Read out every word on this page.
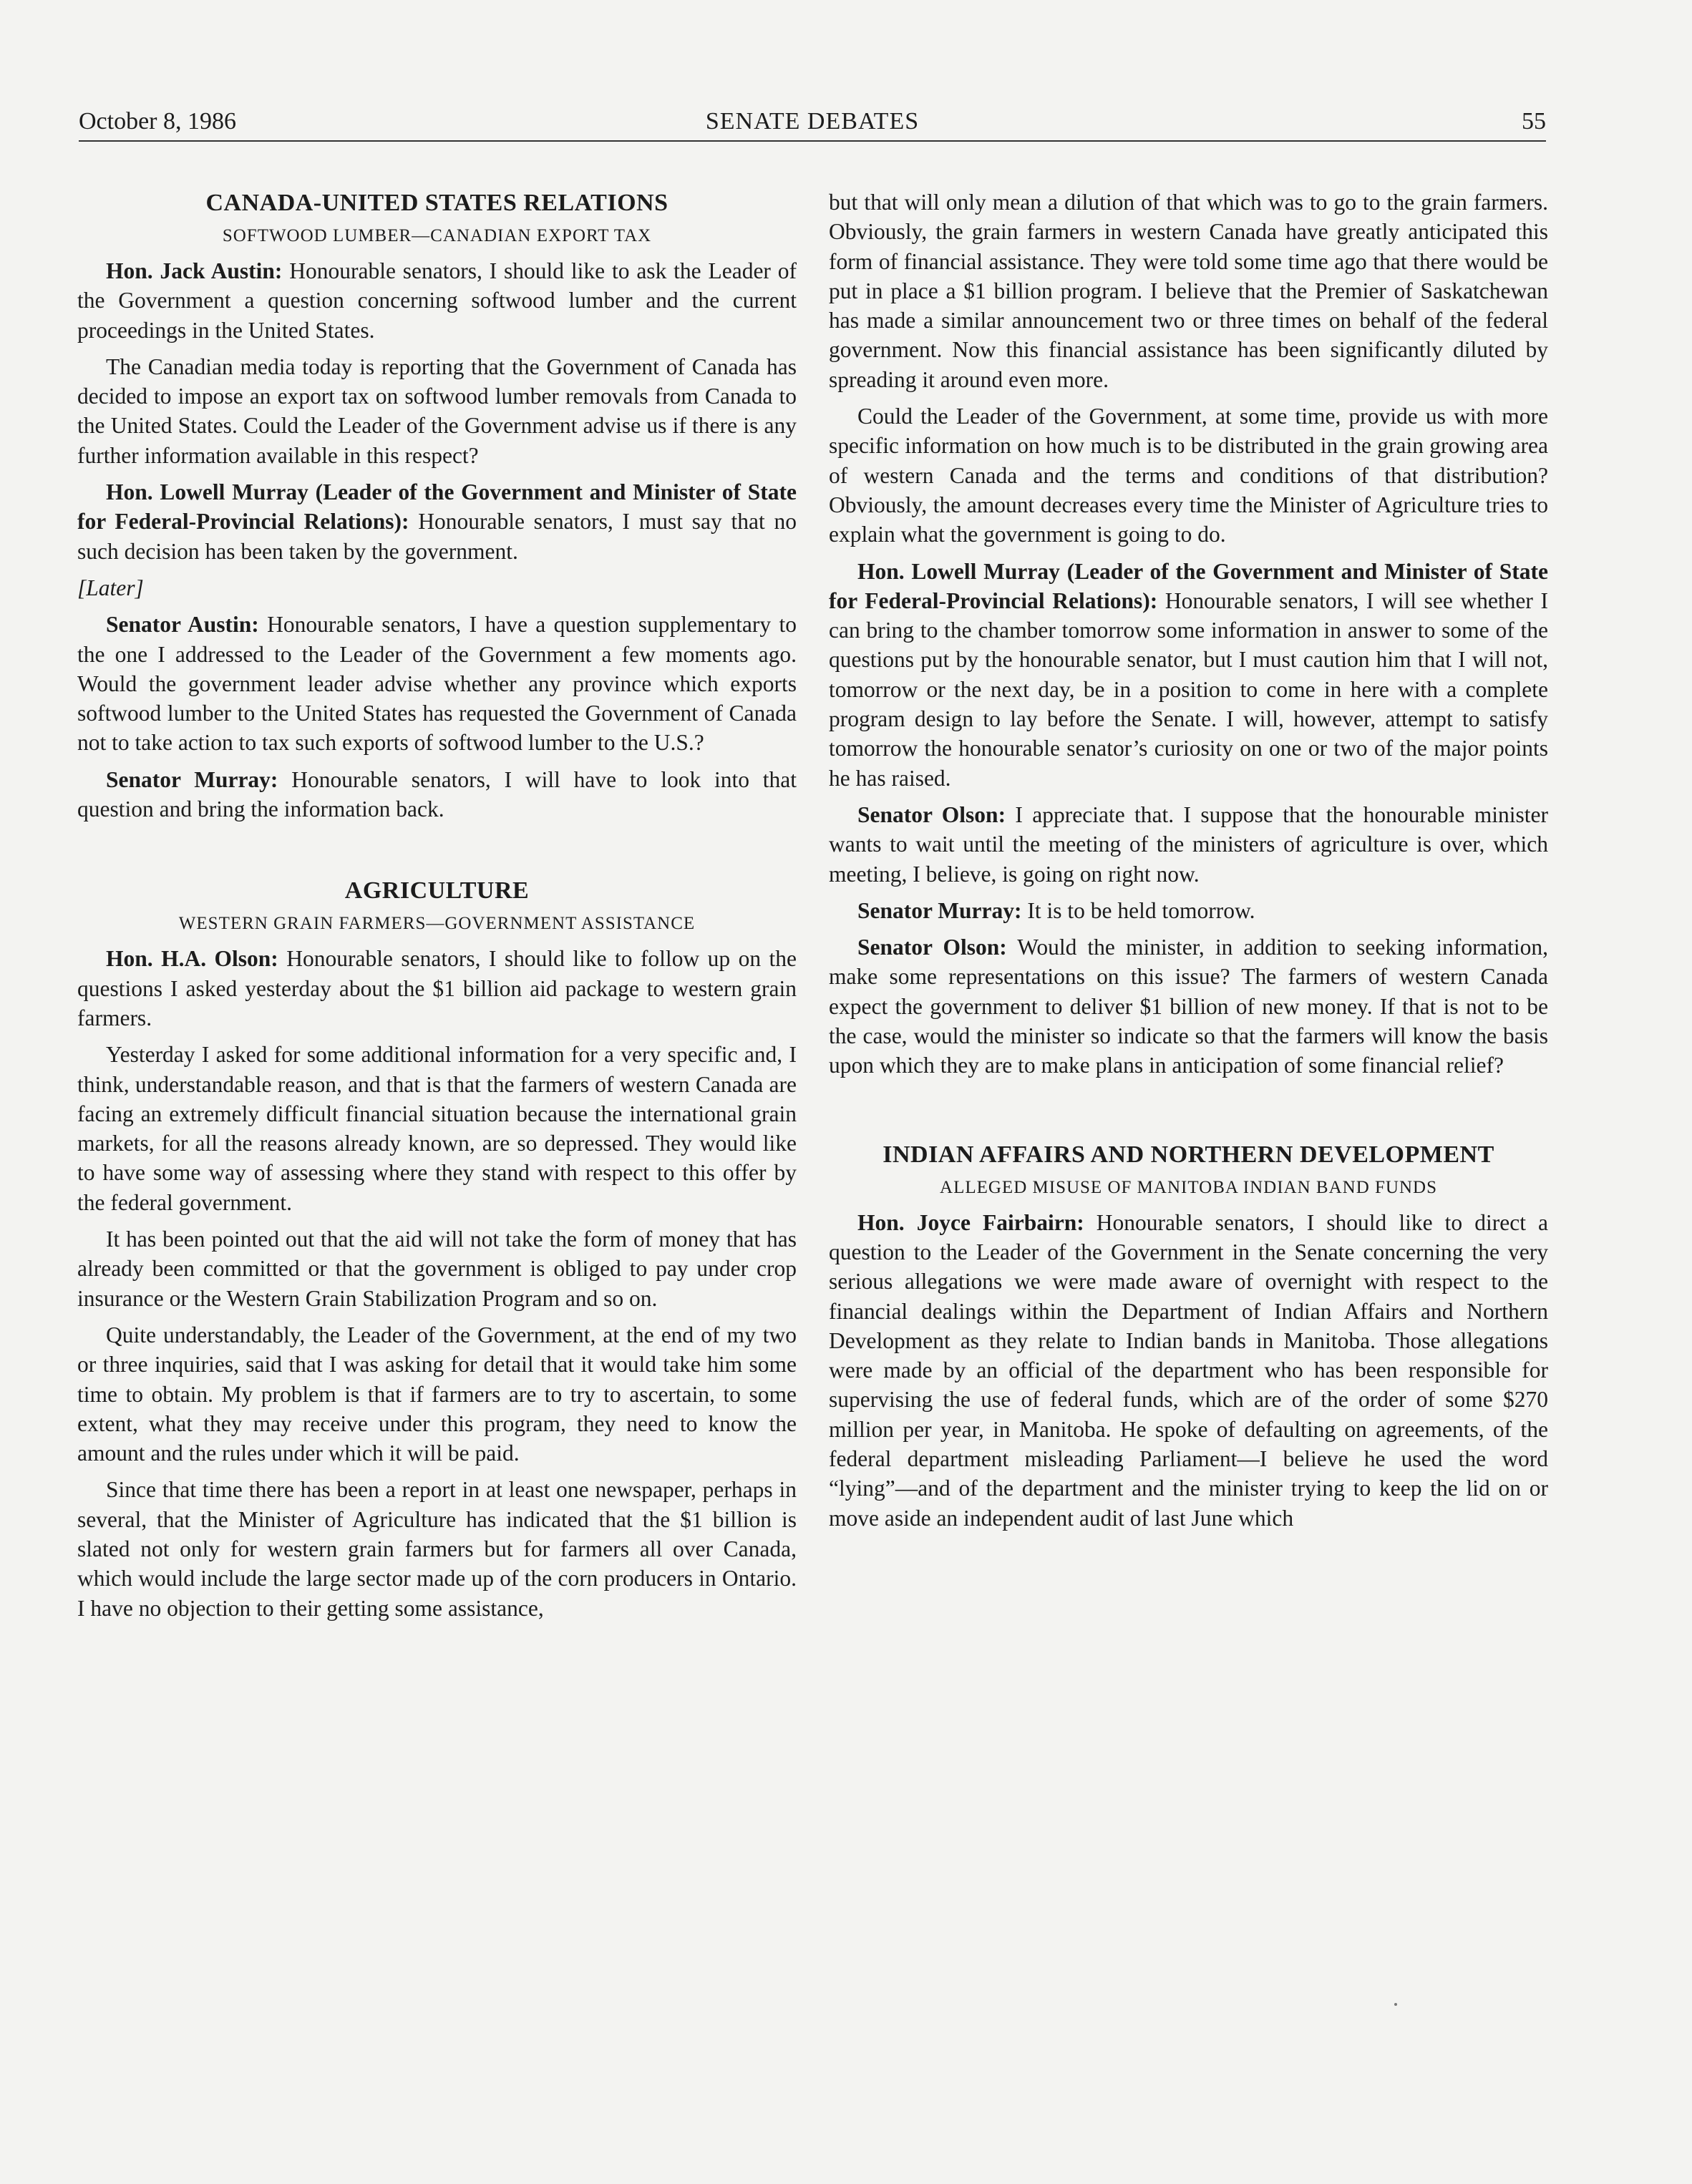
October 8, 1986	SENATE DEBATES	55
CANADA-UNITED STATES RELATIONS
SOFTWOOD LUMBER—CANADIAN EXPORT TAX

Hon. Jack Austin: Honourable senators, I should like to ask the Leader of the Government a question concerning softwood lumber and the current proceedings in the United States.

The Canadian media today is reporting that the Government of Canada has decided to impose an export tax on softwood lumber removals from Canada to the United States. Could the Leader of the Government advise us if there is any further information available in this respect?

Hon. Lowell Murray (Leader of the Government and Minister of State for Federal-Provincial Relations): Honourable senators, I must say that no such decision has been taken by the government.

[Later]

Senator Austin: Honourable senators, I have a question supplementary to the one I addressed to the Leader of the Government a few moments ago. Would the government leader advise whether any province which exports softwood lumber to the United States has requested the Government of Canada not to take action to tax such exports of softwood lumber to the U.S.?

Senator Murray: Honourable senators, I will have to look into that question and bring the information back.

AGRICULTURE
WESTERN GRAIN FARMERS—GOVERNMENT ASSISTANCE

Hon. H.A. Olson: Honourable senators, I should like to follow up on the questions I asked yesterday about the $1 billion aid package to western grain farmers.

Yesterday I asked for some additional information for a very specific and, I think, understandable reason, and that is that the farmers of western Canada are facing an extremely difficult financial situation because the international grain markets, for all the reasons already known, are so depressed. They would like to have some way of assessing where they stand with respect to this offer by the federal government.

It has been pointed out that the aid will not take the form of money that has already been committed or that the government is obliged to pay under crop insurance or the Western Grain Stabilization Program and so on.

Quite understandably, the Leader of the Government, at the end of my two or three inquiries, said that I was asking for detail that it would take him some time to obtain. My problem is that if farmers are to try to ascertain, to some extent, what they may receive under this program, they need to know the amount and the rules under which it will be paid.

Since that time there has been a report in at least one newspaper, perhaps in several, that the Minister of Agriculture has indicated that the $1 billion is slated not only for western grain farmers but for farmers all over Canada, which would include the large sector made up of the corn producers in Ontario. I have no objection to their getting some assistance,

but that will only mean a dilution of that which was to go to the grain farmers. Obviously, the grain farmers in western Canada have greatly anticipated this form of financial assistance. They were told some time ago that there would be put in place a $1 billion program. I believe that the Premier of Saskatchewan has made a similar announcement two or three times on behalf of the federal government. Now this financial assistance has been significantly diluted by spreading it around even more.

Could the Leader of the Government, at some time, provide us with more specific information on how much is to be distributed in the grain growing area of western Canada and the terms and conditions of that distribution? Obviously, the amount decreases every time the Minister of Agriculture tries to explain what the government is going to do.

Hon. Lowell Murray (Leader of the Government and Minister of State for Federal-Provincial Relations): Honourable senators, I will see whether I can bring to the chamber tomorrow some information in answer to some of the questions put by the honourable senator, but I must caution him that I will not, tomorrow or the next day, be in a position to come in here with a complete program design to lay before the Senate. I will, however, attempt to satisfy tomorrow the honourable senator’s curiosity on one or two of the major points he has raised.

Senator Olson: I appreciate that. I suppose that the honourable minister wants to wait until the meeting of the ministers of agriculture is over, which meeting, I believe, is going on right now.

Senator Murray: It is to be held tomorrow.

Senator Olson: Would the minister, in addition to seeking information, make some representations on this issue? The farmers of western Canada expect the government to deliver $1 billion of new money. If that is not to be the case, would the minister so indicate so that the farmers will know the basis upon which they are to make plans in anticipation of some financial relief?

INDIAN AFFAIRS AND NORTHERN DEVELOPMENT
ALLEGED MISUSE OF MANITOBA INDIAN BAND FUNDS

Hon. Joyce Fairbairn: Honourable senators, I should like to direct a question to the Leader of the Government in the Senate concerning the very serious allegations we were made aware of overnight with respect to the financial dealings within the Department of Indian Affairs and Northern Development as they relate to Indian bands in Manitoba. Those allegations were made by an official of the department who has been responsible for supervising the use of federal funds, which are of the order of some $270 million per year, in Manitoba. He spoke of defaulting on agreements, of the federal department misleading Parliament—I believe he used the word “lying”—and of the department and the minister trying to keep the lid on or move aside an independent audit of last June which
